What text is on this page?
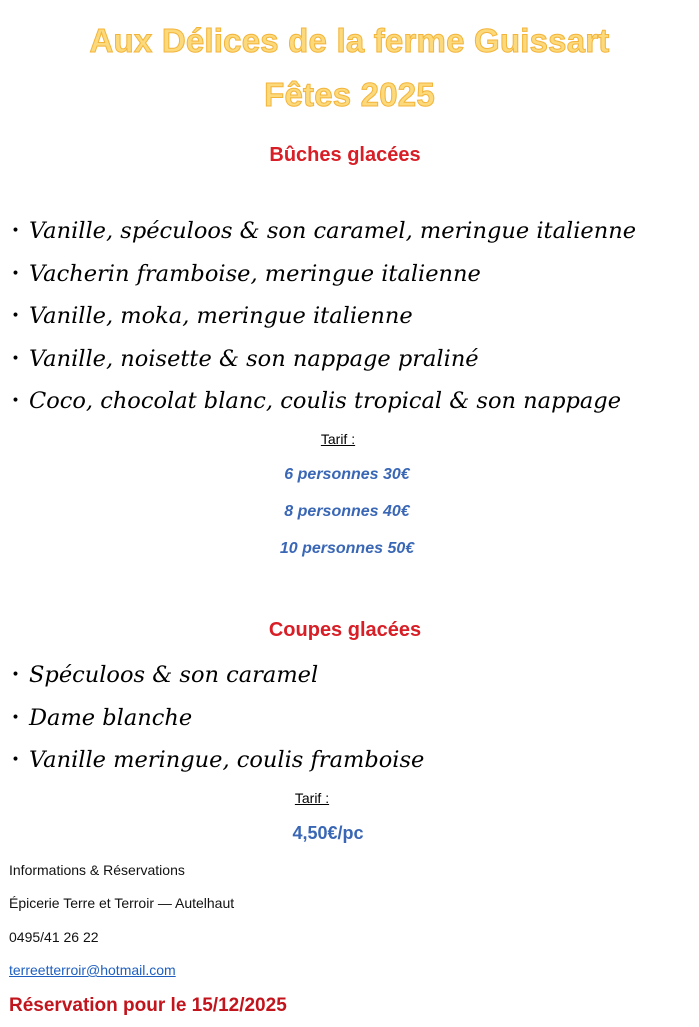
Aux Délices de la ferme Guissart
Fêtes 2025
Bûches glacées
• Vanille, spéculoos & son caramel, meringue italienne
• Vacherin framboise, meringue italienne
• Vanille, moka, meringue italienne
• Vanille, noisette & son nappage praliné
• Coco, chocolat blanc, coulis tropical & son nappage
Tarif :
6 personnes 30€
8 personnes 40€
10 personnes 50€
Coupes glacées
• Spéculoos & son caramel
• Dame blanche
• Vanille meringue, coulis framboise
Tarif :
4,50€/pc
Informations & Réservations
Épicerie Terre et Terroir — Autelhaut
0495/41 26 22
terreetterroir@hotmail.com
Réservation pour le 15/12/2025
